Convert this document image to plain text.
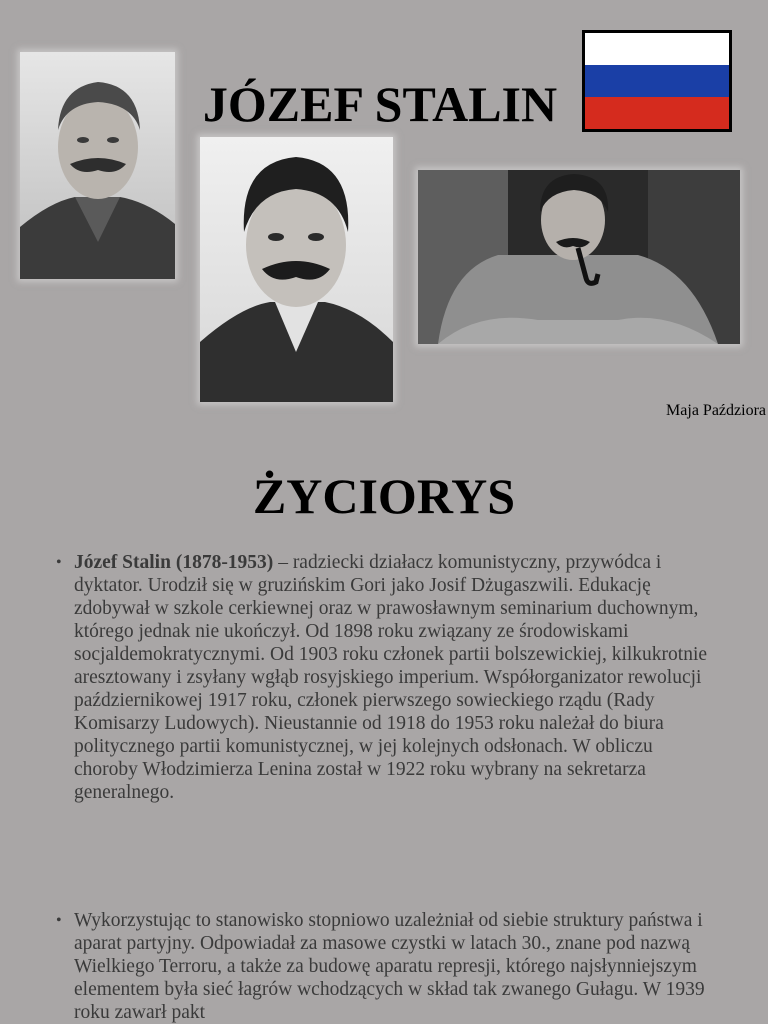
JÓZEF STALIN
Maja Paździora
ŻYCIORYS
• Józef Stalin (1878-1953) – radziecki działacz komunistyczny, przywódca i dyktator. Urodził się w gruzińskim Gori jako Josif Dżugaszwili. Edukację zdobywał w szkole cerkiewnej oraz w prawosławnym seminarium duchownym, którego jednak nie ukończył. Od 1898 roku związany ze środowiskami socjaldemokratycznymi. Od 1903 roku członek partii bolszewickiej, kilkukrotnie aresztowany i zsyłany wgłąb rosyjskiego imperium. Współorganizator rewolucji październikowej 1917 roku, członek pierwszego sowieckiego rządu (Rady Komisarzy Ludowych). Nieustannie od 1918 do 1953 roku należał do biura politycznego partii komunistycznej, w jej kolejnych odsłonach. W obliczu choroby Włodzimierza Lenina został w 1922 roku wybrany na sekretarza generalnego.
• Wykorzystując to stanowisko stopniowo uzależniał od siebie struktury państwa i aparat partyjny. Odpowiadał za masowe czystki w latach 30., znane pod nazwą Wielkiego Terroru, a także za budowę aparatu represji, którego najsłynniejszym elementem była sieć łagrów wchodzących w skład tak zwanego Gułagu. W 1939 roku zawarł pakt
